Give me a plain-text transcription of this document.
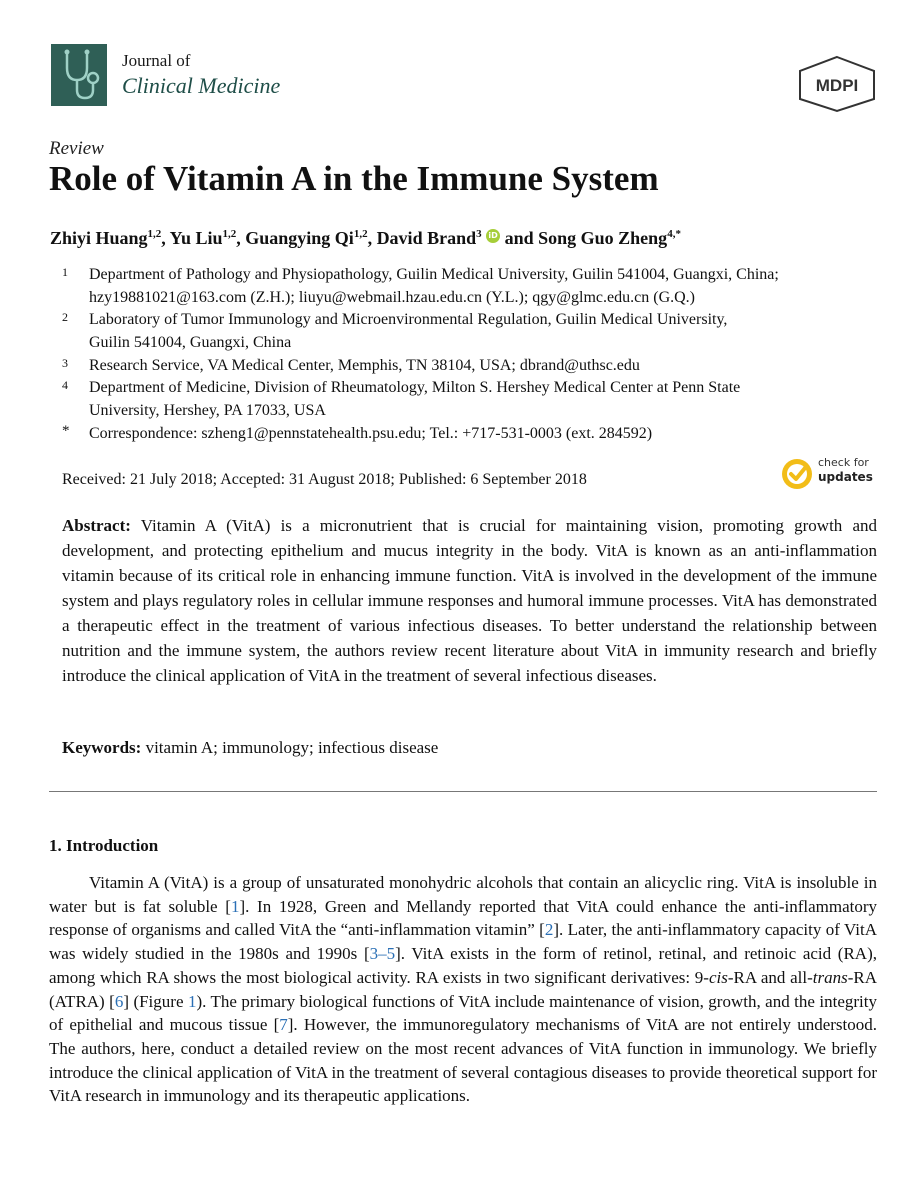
Journal of
Clinical Medicine	MDPI
Review
Role of Vitamin A in the Immune System
Zhiyi Huang$^{1,2}$, Yu Liu$^{1,2}$, Guangying Qi$^{1,2}$, David Brand$^3$ iD and Song Guo Zheng$^{4,*}$
1 Department of Pathology and Physiopathology, Guilin Medical University, Guilin 541004, Guangxi, China;
hzy19881021@163.com (Z.H.); liuyu@webmail.hzau.edu.cn (Y.L.); qgy@glmc.edu.cn (G.Q.)
2 Laboratory of Tumor Immunology and Microenvironmental Regulation, Guilin Medical University,
Guilin 541004, Guangxi, China
3 Research Service, VA Medical Center, Memphis, TN 38104, USA; dbrand@uthsc.edu
4 Department of Medicine, Division of Rheumatology, Milton S. Hershey Medical Center at Penn State
University, Hershey, PA 17033, USA
* Correspondence: szheng1@pennstatehealth.psu.edu; Tel.: +717-531-0003 (ext. 284592)
Received: 21 July 2018; Accepted: 31 August 2018; Published: 6 September 2018
check for
updates
Abstract: Vitamin A (VitA) is a micronutrient that is crucial for maintaining vision, promoting growth and development, and protecting epithelium and mucus integrity in the body. VitA is known as an anti-inflammation vitamin because of its critical role in enhancing immune function. VitA is involved in the development of the immune system and plays regulatory roles in cellular immune responses and humoral immune processes. VitA has demonstrated a therapeutic effect in the treatment of various infectious diseases. To better understand the relationship between nutrition and the immune system, the authors review recent literature about VitA in immunity research and briefly introduce the clinical application of VitA in the treatment of several infectious diseases.
Keywords: vitamin A; immunology; infectious disease
1. Introduction
Vitamin A (VitA) is a group of unsaturated monohydric alcohols that contain an alicyclic ring. VitA is insoluble in water but is fat soluble [1]. In 1928, Green and Mellandy reported that VitA could enhance the anti-inflammatory response of organisms and called VitA the “anti-inflammation vitamin” [2]. Later, the anti-inflammatory capacity of VitA was widely studied in the 1980s and 1990s [3–5]. VitA exists in the form of retinol, retinal, and retinoic acid (RA), among which RA shows the most biological activity. RA exists in two significant derivatives: 9-cis-RA and all-trans-RA (ATRA) [6] (Figure 1). The primary biological functions of VitA include maintenance of vision, growth, and the integrity of epithelial and mucous tissue [7]. However, the immunoregulatory mechanisms of VitA are not entirely understood. The authors, here, conduct a detailed review on the most recent advances of VitA function in immunology. We briefly introduce the clinical application of VitA in the treatment of several contagious diseases to provide theoretical support for VitA research in immunology and its therapeutic applications.
